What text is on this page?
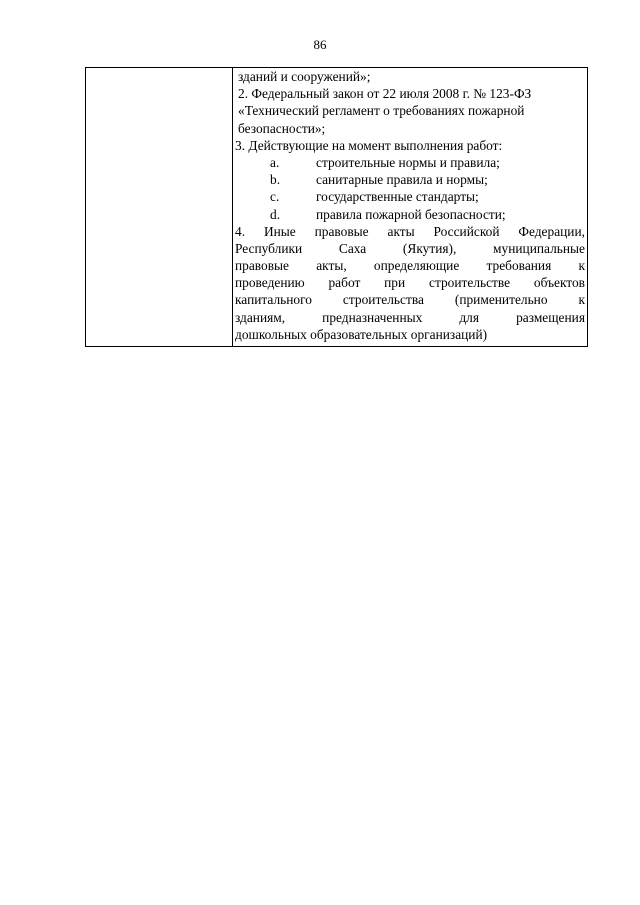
86
зданий и сооружений»;
2. Федеральный закон от 22 июля 2008 г. № 123-ФЗ
«Технический регламент о требованиях пожарной
безопасности»;
3. Действующие на момент выполнения работ:
a.	строительные нормы и правила;
b.	санитарные правила и нормы;
c.	государственные стандарты;
d.	правила пожарной безопасности;
4. Иные правовые акты Российской Федерации,
Республики Саха (Якутия), муниципальные
правовые акты, определяющие требования к
проведению работ при строительстве объектов
капитального строительства (применительно к
зданиям, предназначенных для размещения
дошкольных образовательных организаций)
